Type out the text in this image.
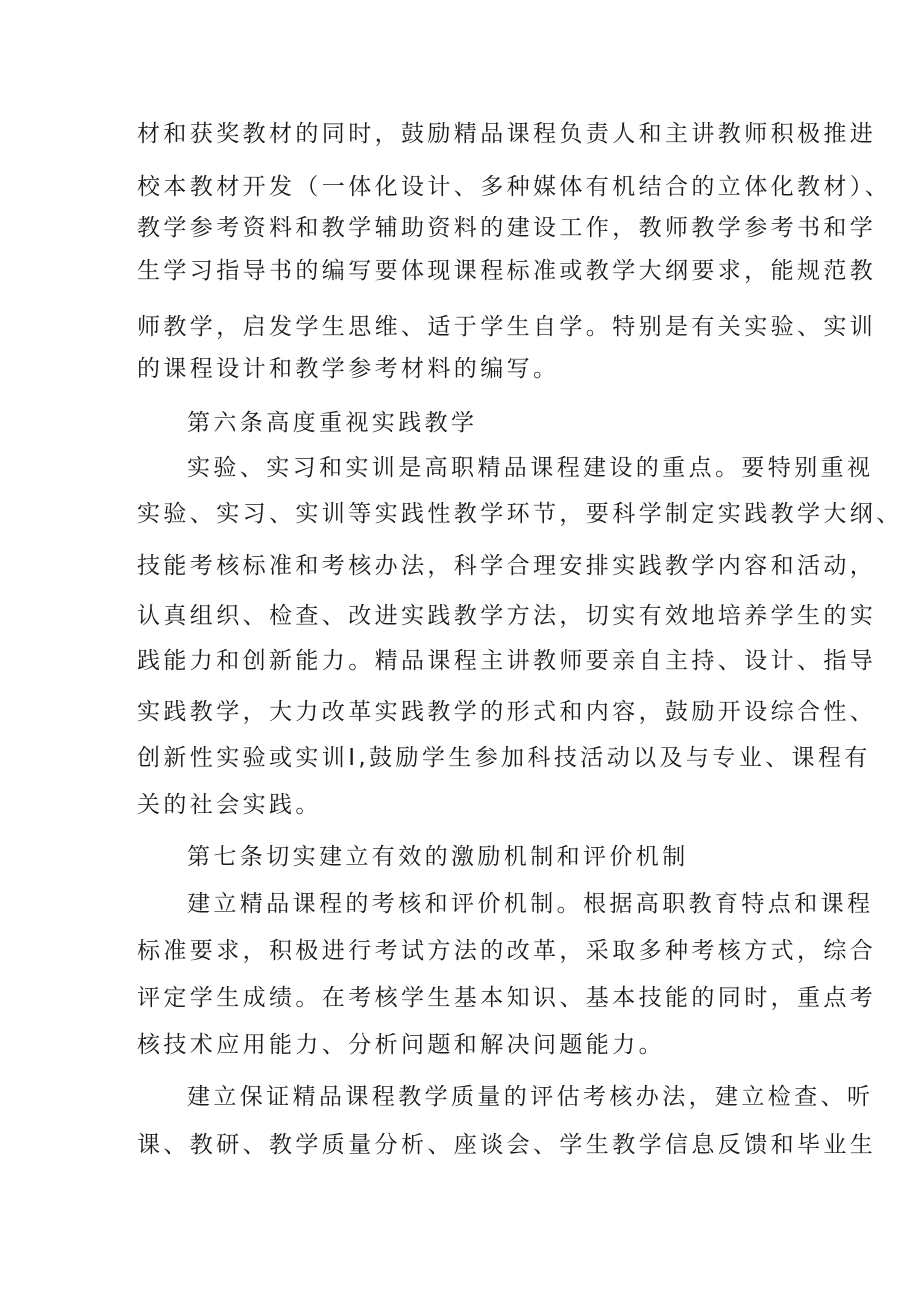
材和获奖教材的同时，鼓励精品课程负责人和主讲教师积极推进
校本教材开发（一体化设计、多种媒体有机结合的立体化教材）、
教学参考资料和教学辅助资料的建设工作，教师教学参考书和学
生学习指导书的编写要体现课程标准或教学大纲要求，能规范教
师教学，启发学生思维、适于学生自学。特别是有关实验、实训
的课程设计和教学参考材料的编写。
第六条高度重视实践教学
实验、实习和实训是高职精品课程建设的重点。要特别重视
实验、实习、实训等实践性教学环节，要科学制定实践教学大纲、
技能考核标准和考核办法，科学合理安排实践教学内容和活动，
认真组织、检查、改进实践教学方法，切实有效地培养学生的实
践能力和创新能力。精品课程主讲教师要亲自主持、设计、指导
实践教学，大力改革实践教学的形式和内容，鼓励开设综合性、
创新性实验或实训I,鼓励学生参加科技活动以及与专业、课程有
关的社会实践。
第七条切实建立有效的激励机制和评价机制
建立精品课程的考核和评价机制。根据高职教育特点和课程
标准要求，积极进行考试方法的改革，采取多种考核方式，综合
评定学生成绩。在考核学生基本知识、基本技能的同时，重点考
核技术应用能力、分析问题和解决问题能力。
建立保证精品课程教学质量的评估考核办法，建立检查、听
课、教研、教学质量分析、座谈会、学生教学信息反馈和毕业生
